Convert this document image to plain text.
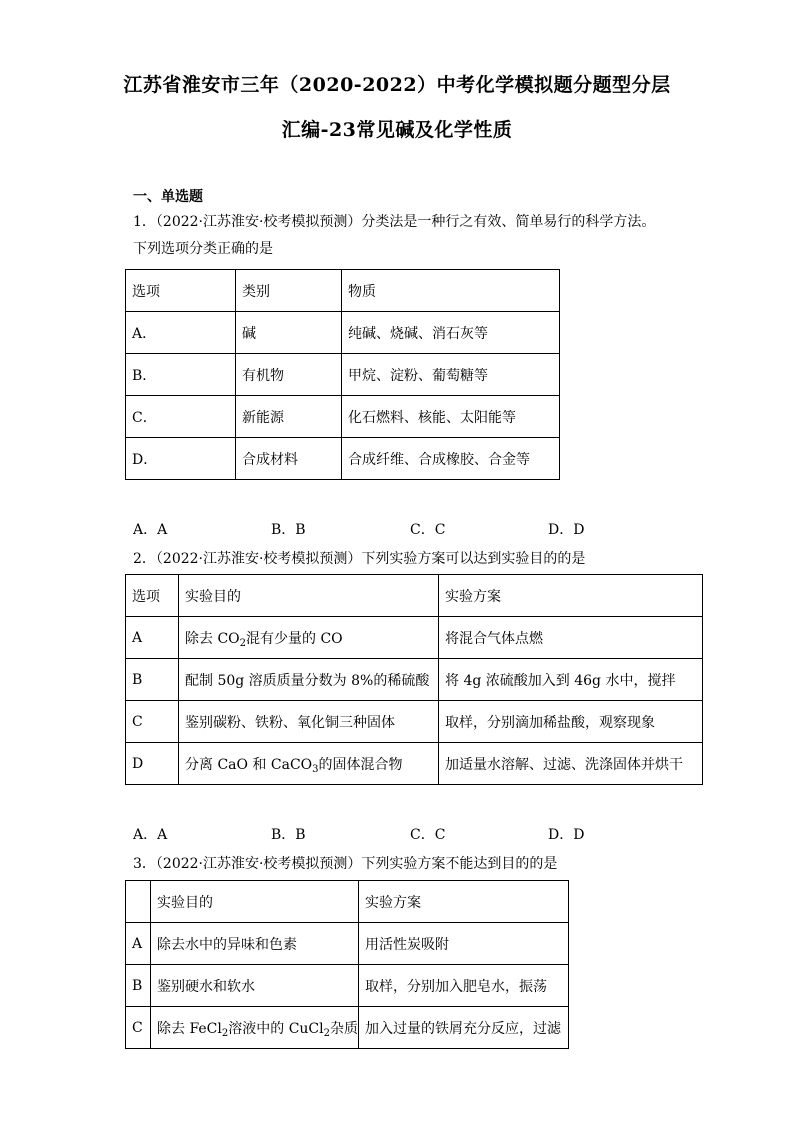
江苏省淮安市三年（2020-2022）中考化学模拟题分题型分层
汇编-23常见碱及化学性质
一、单选题
1．（2022·江苏淮安·校考模拟预测）分类法是一种行之有效、简单易行的科学方法。下列选项分类正确的是
选项	类别	物质
A．	碱	纯碱、烧碱、消石灰等
B．	有机物	甲烷、淀粉、葡萄糖等
C．	新能源	化石燃料、核能、太阳能等
D．	合成材料	合成纤维、合成橡胶、合金等
A．A	B．B	C．C	D．D
2．（2022·江苏淮安·校考模拟预测）下列实验方案可以达到实验目的的是
选项	实验目的	实验方案
A	除去 $CO_2$混有少量的 CO	将混合气体点燃
B	配制 50g 溶质质量分数为 8%的稀硫酸	将 4g 浓硫酸加入到 46g 水中，搅拌
C	鉴别碳粉、铁粉、氧化铜三种固体	取样，分别滴加稀盐酸，观察现象
D	分离 CaO 和 CaCO$_3$的固体混合物	加适量水溶解、过滤、洗涤固体并烘干
A．A	B．B	C．C	D．D
3．（2022·江苏淮安·校考模拟预测）下列实验方案不能达到目的的是
	实验目的	实验方案
A	除去水中的异味和色素	用活性炭吸附
B	鉴别硬水和软水	取样，分别加入肥皂水，振荡
C	除去 FeCl$_2$溶液中的 CuCl$_2$杂质	加入过量的铁屑充分反应，过滤
